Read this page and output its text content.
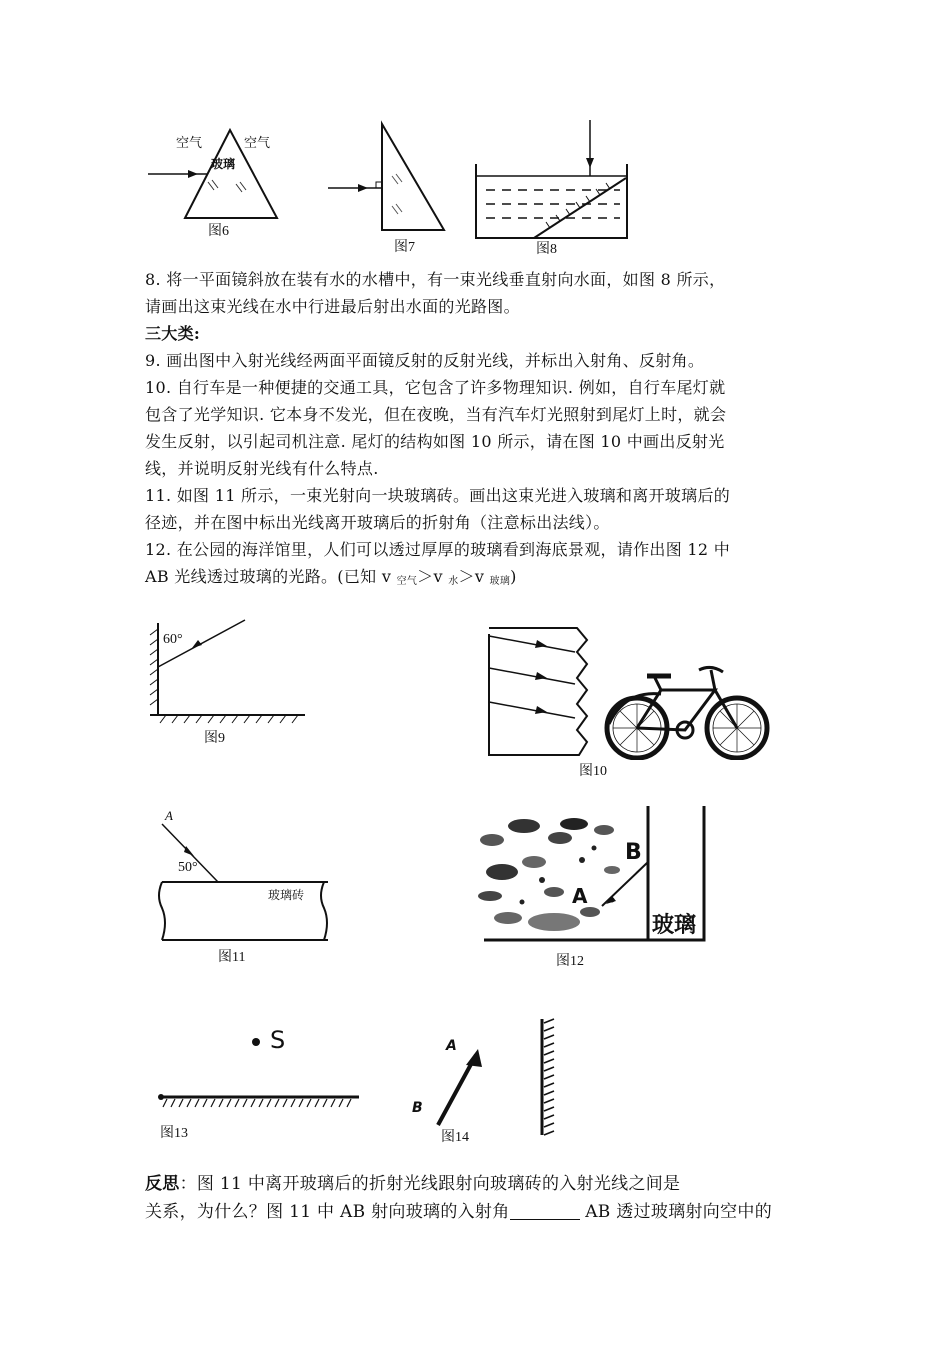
空气	空气
玻璃
图6
图7	图8

8. 将一平面镜斜放在装有水的水槽中，有一束光线垂直射向水面，如图 8 所示，

请画出这束光线在水中行进最后射出水面的光路图。

三大类:

9. 画出图中入射光线经两面平面镜反射的反射光线，并标出入射角、反射角。

10. 自行车是一种便捷的交通工具，它包含了许多物理知识. 例如，自行车尾灯就

包含了光学知识. 它本身不发光，但在夜晚，当有汽车灯光照射到尾灯上时，就会

发生反射，以引起司机注意. 尾灯的结构如图 10 所示，请在图 10 中画出反射光

线，并说明反射光线有什么特点.

11. 如图 11 所示，一束光射向一块玻璃砖。画出这束光进入玻璃和离开玻璃后的

径迹，并在图中标出光线离开玻璃后的折射角（注意标出法线）。

12. 在公园的海洋馆里，人们可以透过厚厚的玻璃看到海底景观，请作出图 12 中

AB 光线透过玻璃的光路。(已知 v $_{空气}$＞v $_水$＞v $_{玻璃}$)

60°
图9
图10
A
50°
玻璃砖
图11
A
B
玻璃
图12
S
图13
A
B
图14

反思：图 11 中离开玻璃后的折射光线跟射向玻璃砖的入射光线之间是

关系，为什么？图 11 中 AB 射向玻璃的入射角	AB 透过玻璃射向空中的
